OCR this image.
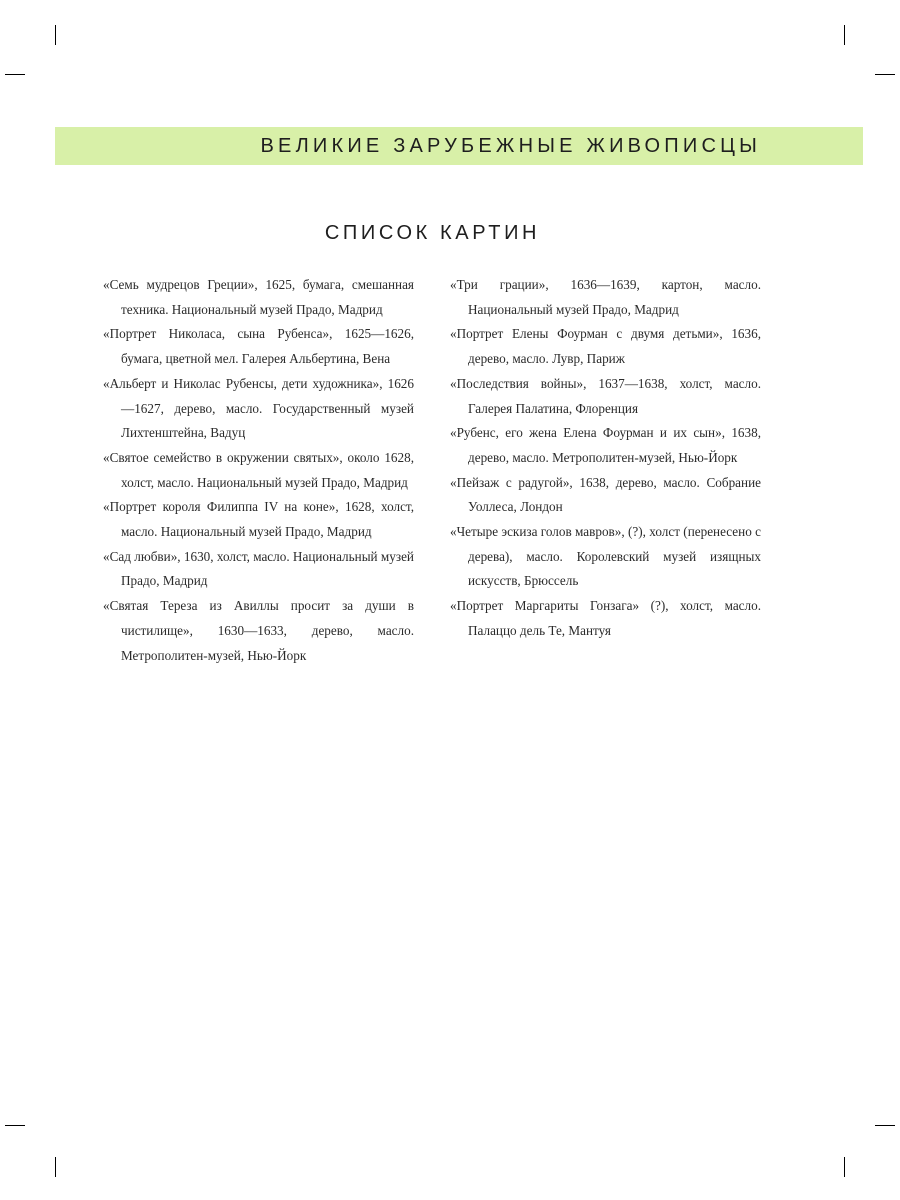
ВЕЛИКИЕ ЗАРУБЕЖНЫЕ ЖИВОПИСЦЫ
СПИСОК КАРТИН
«Семь мудрецов Греции», 1625, бумага, смешанная техника. Национальный музей Прадо, Мадрид
«Портрет Николаса, сына Рубенса», 1625—1626, бумага, цветной мел. Галерея Альбертина, Вена
«Альберт и Николас Рубенсы, дети художника», 1626—1627, дерево, масло. Государственный музей Лихтенштейна, Вадуц
«Святое семейство в окружении святых», около 1628, холст, масло. Национальный музей Прадо, Мадрид
«Портрет короля Филиппа IV на коне», 1628, холст, масло. Национальный музей Прадо, Мадрид
«Сад любви», 1630, холст, масло. Национальный музей Прадо, Мадрид
«Святая Тереза из Авиллы просит за души в чистилище», 1630—1633, дерево, масло. Метрополитен-музей, Нью-Йорк
«Три грации», 1636—1639, картон, масло. Национальный музей Прадо, Мадрид
«Портрет Елены Фоурман с двумя детьми», 1636, дерево, масло. Лувр, Париж
«Последствия войны», 1637—1638, холст, масло. Галерея Палатина, Флоренция
«Рубенс, его жена Елена Фоурман и их сын», 1638, дерево, масло. Метрополитен-музей, Нью-Йорк
«Пейзаж с радугой», 1638, дерево, масло. Собрание Уоллеса, Лондон
«Четыре эскиза голов мавров», (?), холст (перенесено с дерева), масло. Королевский музей изящных искусств, Брюссель
«Портрет Маргариты Гонзага» (?), холст, масло. Палаццо дель Те, Мантуя
